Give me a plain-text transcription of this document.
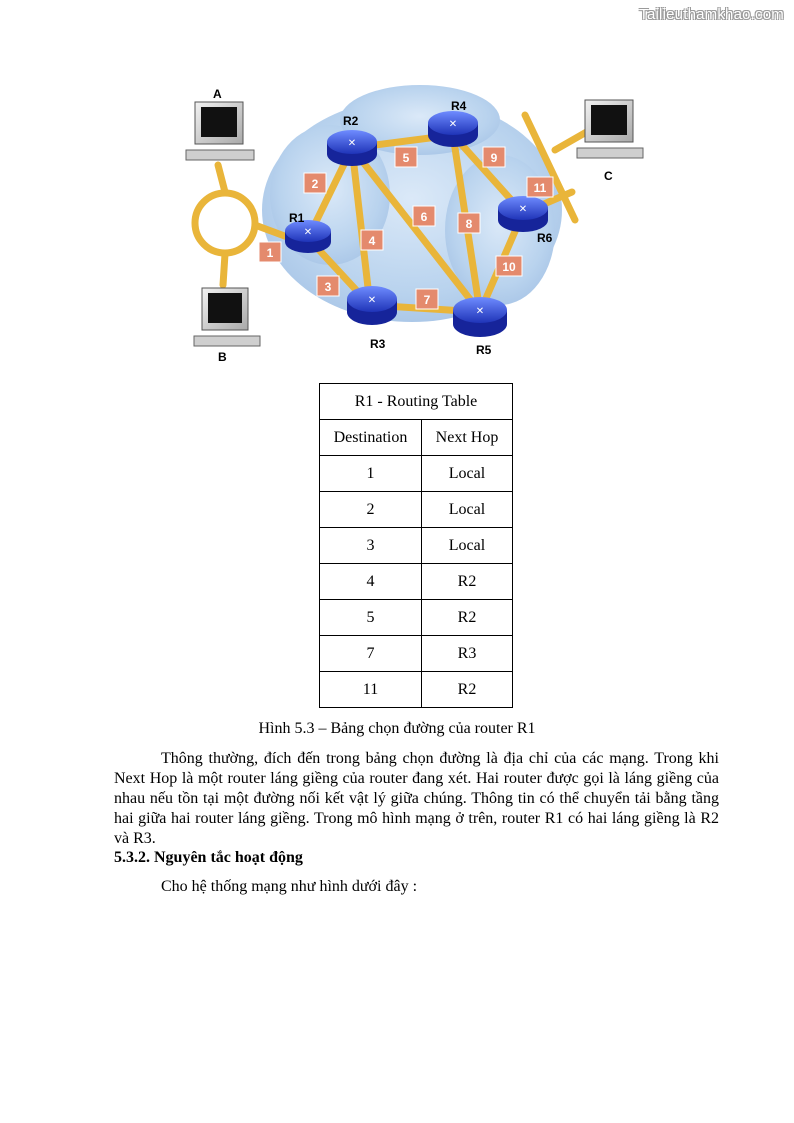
Tailieuthamkhao.com
✕
✕
✕
✕
✕
✕
A
B
C
R1
R2
R3
R4
R5
R6
1
2
3
4
5
6
7
8
9
10
11
R1 - Routing Table	
Destination	Next Hop
1	Local
2	Local
3	Local
4	R2
5	R2
7	R3
11	R2
Hình 5.3 – Bảng chọn đường của router R1

Thông thường, đích đến trong bảng chọn đường là địa chỉ của các mạng. Trong khi Next Hop là một router láng giềng của router đang xét. Hai router được gọi là láng giềng của nhau nếu tồn tại một đường nối kết vật lý giữa chúng. Thông tin có thể chuyển tải bằng tầng hai giữa hai router láng giềng. Trong mô hình mạng ở trên, router R1 có hai láng giềng là R2 và R3.

5.3.2. Nguyên tắc hoạt động
Cho hệ thống mạng như hình dưới đây :
